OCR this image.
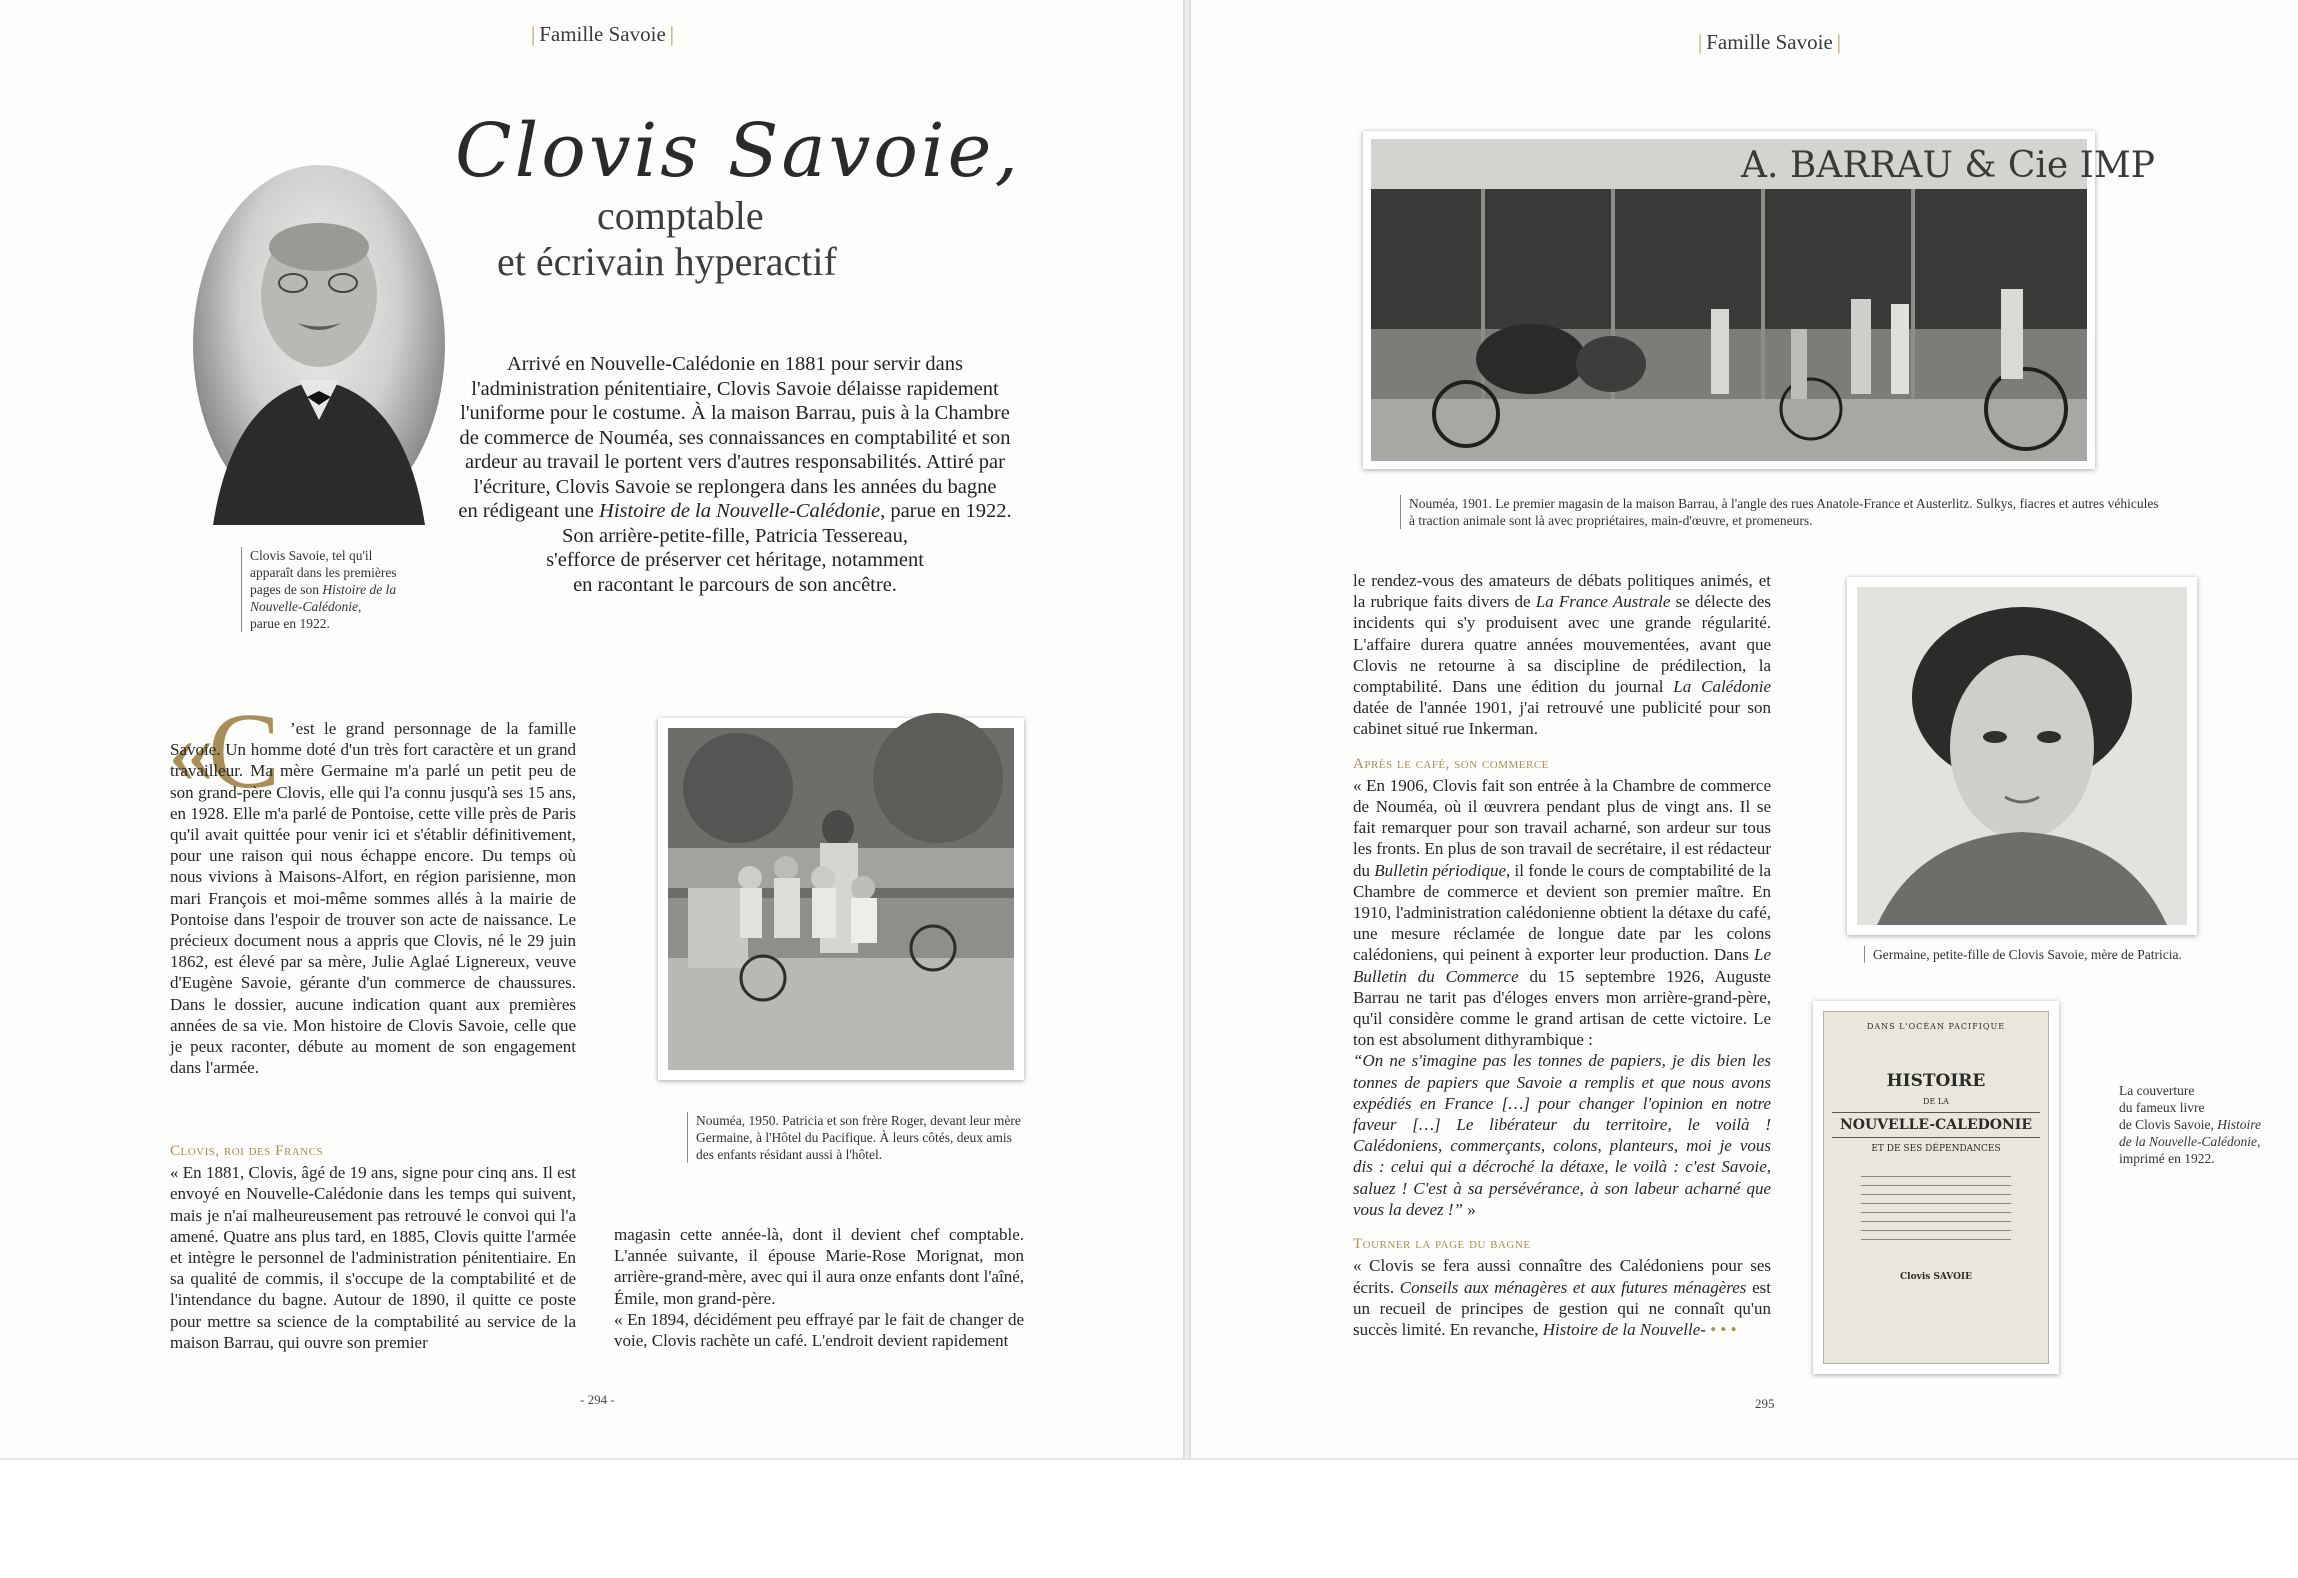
| Famille Savoie |
Clovis Savoie,
comptable
et écrivain hyperactif
Clovis Savoie, tel qu'il
apparaît dans les premières
pages de son Histoire de la
Nouvelle-Calédonie,
parue en 1922.
Arrivé en Nouvelle-Calédonie en 1881 pour servir dans
l'administration pénitentiaire, Clovis Savoie délaisse rapidement
l'uniforme pour le costume. À la maison Barrau, puis à la Chambre
de commerce de Nouméa, ses connaissances en comptabilité et son
ardeur au travail le portent vers d'autres responsabilités. Attiré par
l'écriture, Clovis Savoie se replongera dans les années du bagne
en rédigeant une Histoire de la Nouvelle-Calédonie, parue en 1922.
Son arrière-petite-fille, Patricia Tessereau,
s'efforce de préserver cet héritage, notamment
en racontant le parcours de son ancêtre.
«
C ’est le grand personnage de la famille Savoie. Un homme doté d'un très fort caractère et un grand travailleur. Ma mère Germaine m'a parlé un petit peu de son grand-père Clovis, elle qui l'a connu jusqu'à ses 15 ans, en 1928. Elle m'a parlé de Pontoise, cette ville près de Paris qu'il avait quittée pour venir ici et s'établir définitivement, pour une raison qui nous échappe encore. Du temps où nous vivions à Maisons-Alfort, en région parisienne, mon mari François et moi-même sommes allés à la mairie de Pontoise dans l'espoir de trouver son acte de naissance. Le précieux document nous a appris que Clovis, né le 29 juin 1862, est élevé par sa mère, Julie Aglaé Lignereux, veuve d'Eugène Savoie, gérante d'un commerce de chaussures. Dans le dossier, aucune indication quant aux premières années de sa vie. Mon histoire de Clovis Savoie, celle que je peux raconter, débute au moment de son engagement dans l'armée.

Clovis, roi des Francs

« En 1881, Clovis, âgé de 19 ans, signe pour cinq ans. Il est envoyé en Nouvelle-Calédonie dans les temps qui suivent, mais je n'ai malheureusement pas retrouvé le convoi qui l'a amené. Quatre ans plus tard, en 1885, Clovis quitte l'armée et intègre le personnel de l'administration pénitentiaire. En sa qualité de commis, il s'occupe de la comptabilité et de l'intendance du bagne. Autour de 1890, il quitte ce poste pour mettre sa science de la comptabilité au service de la maison Barrau, qui ouvre son premier

Nouméa, 1950. Patricia et son frère Roger, devant leur mère
Germaine, à l'Hôtel du Pacifique. À leurs côtés, deux amis
des enfants résidant aussi à l'hôtel.

magasin cette année-là, dont il devient chef comptable. L'année suivante, il épouse Marie-Rose Morignat, mon arrière-grand-mère, avec qui il aura onze enfants dont l'aîné, Émile, mon grand-père.

« En 1894, décidément peu effrayé par le fait de changer de voie, Clovis rachète un café. L'endroit devient rapidement

- 294 -
| Famille Savoie |
A. BARRAU & Cie IMP
Nouméa, 1901. Le premier magasin de la maison Barrau, à l'angle des rues Anatole-France et Austerlitz. Sulkys, fiacres et autres véhicules
à traction animale sont là avec propriétaires, main-d'œuvre, et promeneurs.

le rendez-vous des amateurs de débats politiques animés, et la rubrique faits divers de La France Australe se délecte des incidents qui s'y produisent avec une grande régularité. L'affaire durera quatre années mouvementées, avant que Clovis ne retourne à sa discipline de prédilection, la comptabilité. Dans une édition du journal La Calédonie datée de l'année 1901, j'ai retrouvé une publicité pour son cabinet situé rue Inkerman.

Après le café, son commerce

« En 1906, Clovis fait son entrée à la Chambre de commerce de Nouméa, où il œuvrera pendant plus de vingt ans. Il se fait remarquer pour son travail acharné, son ardeur sur tous les fronts. En plus de son travail de secrétaire, il est rédacteur du Bulletin périodique, il fonde le cours de comptabilité de la Chambre de commerce et devient son premier maître. En 1910, l'administration calédonienne obtient la détaxe du café, une mesure réclamée de longue date par les colons calédoniens, qui peinent à exporter leur production. Dans Le Bulletin du Commerce du 15 septembre 1926, Auguste Barrau ne tarit pas d'éloges envers mon arrière-grand-père, qu'il considère comme le grand artisan de cette victoire. Le ton est absolument dithyrambique :

“On ne s'imagine pas les tonnes de papiers, je dis bien les tonnes de papiers que Savoie a remplis et que nous avons expédiés en France […] pour changer l'opinion en notre faveur […] Le libérateur du territoire, le voilà ! Calédoniens, commerçants, colons, planteurs, moi je vous dis : celui qui a décroché la détaxe, le voilà : c'est Savoie, saluez ! C'est à sa persévérance, à son labeur acharné que vous la devez !” »

Tourner la page du bagne

« Clovis se fera aussi connaître des Calédoniens pour ses écrits. Conseils aux ménagères et aux futures ménagères est un recueil de principes de gestion qui ne connaît qu'un succès limité. En revanche, Histoire de la Nouvelle- • • •

Germaine, petite-fille de Clovis Savoie, mère de Patricia.
DANS L'OCÉAN PACIFIQUE
HISTOIRE
DE LA
NOUVELLE-CALEDONIE
ET DE SES DÉPENDANCES
Clovis SAVOIE
La couverture
du fameux livre
de Clovis Savoie, Histoire
de la Nouvelle-Calédonie,
imprimé en 1922.
295
